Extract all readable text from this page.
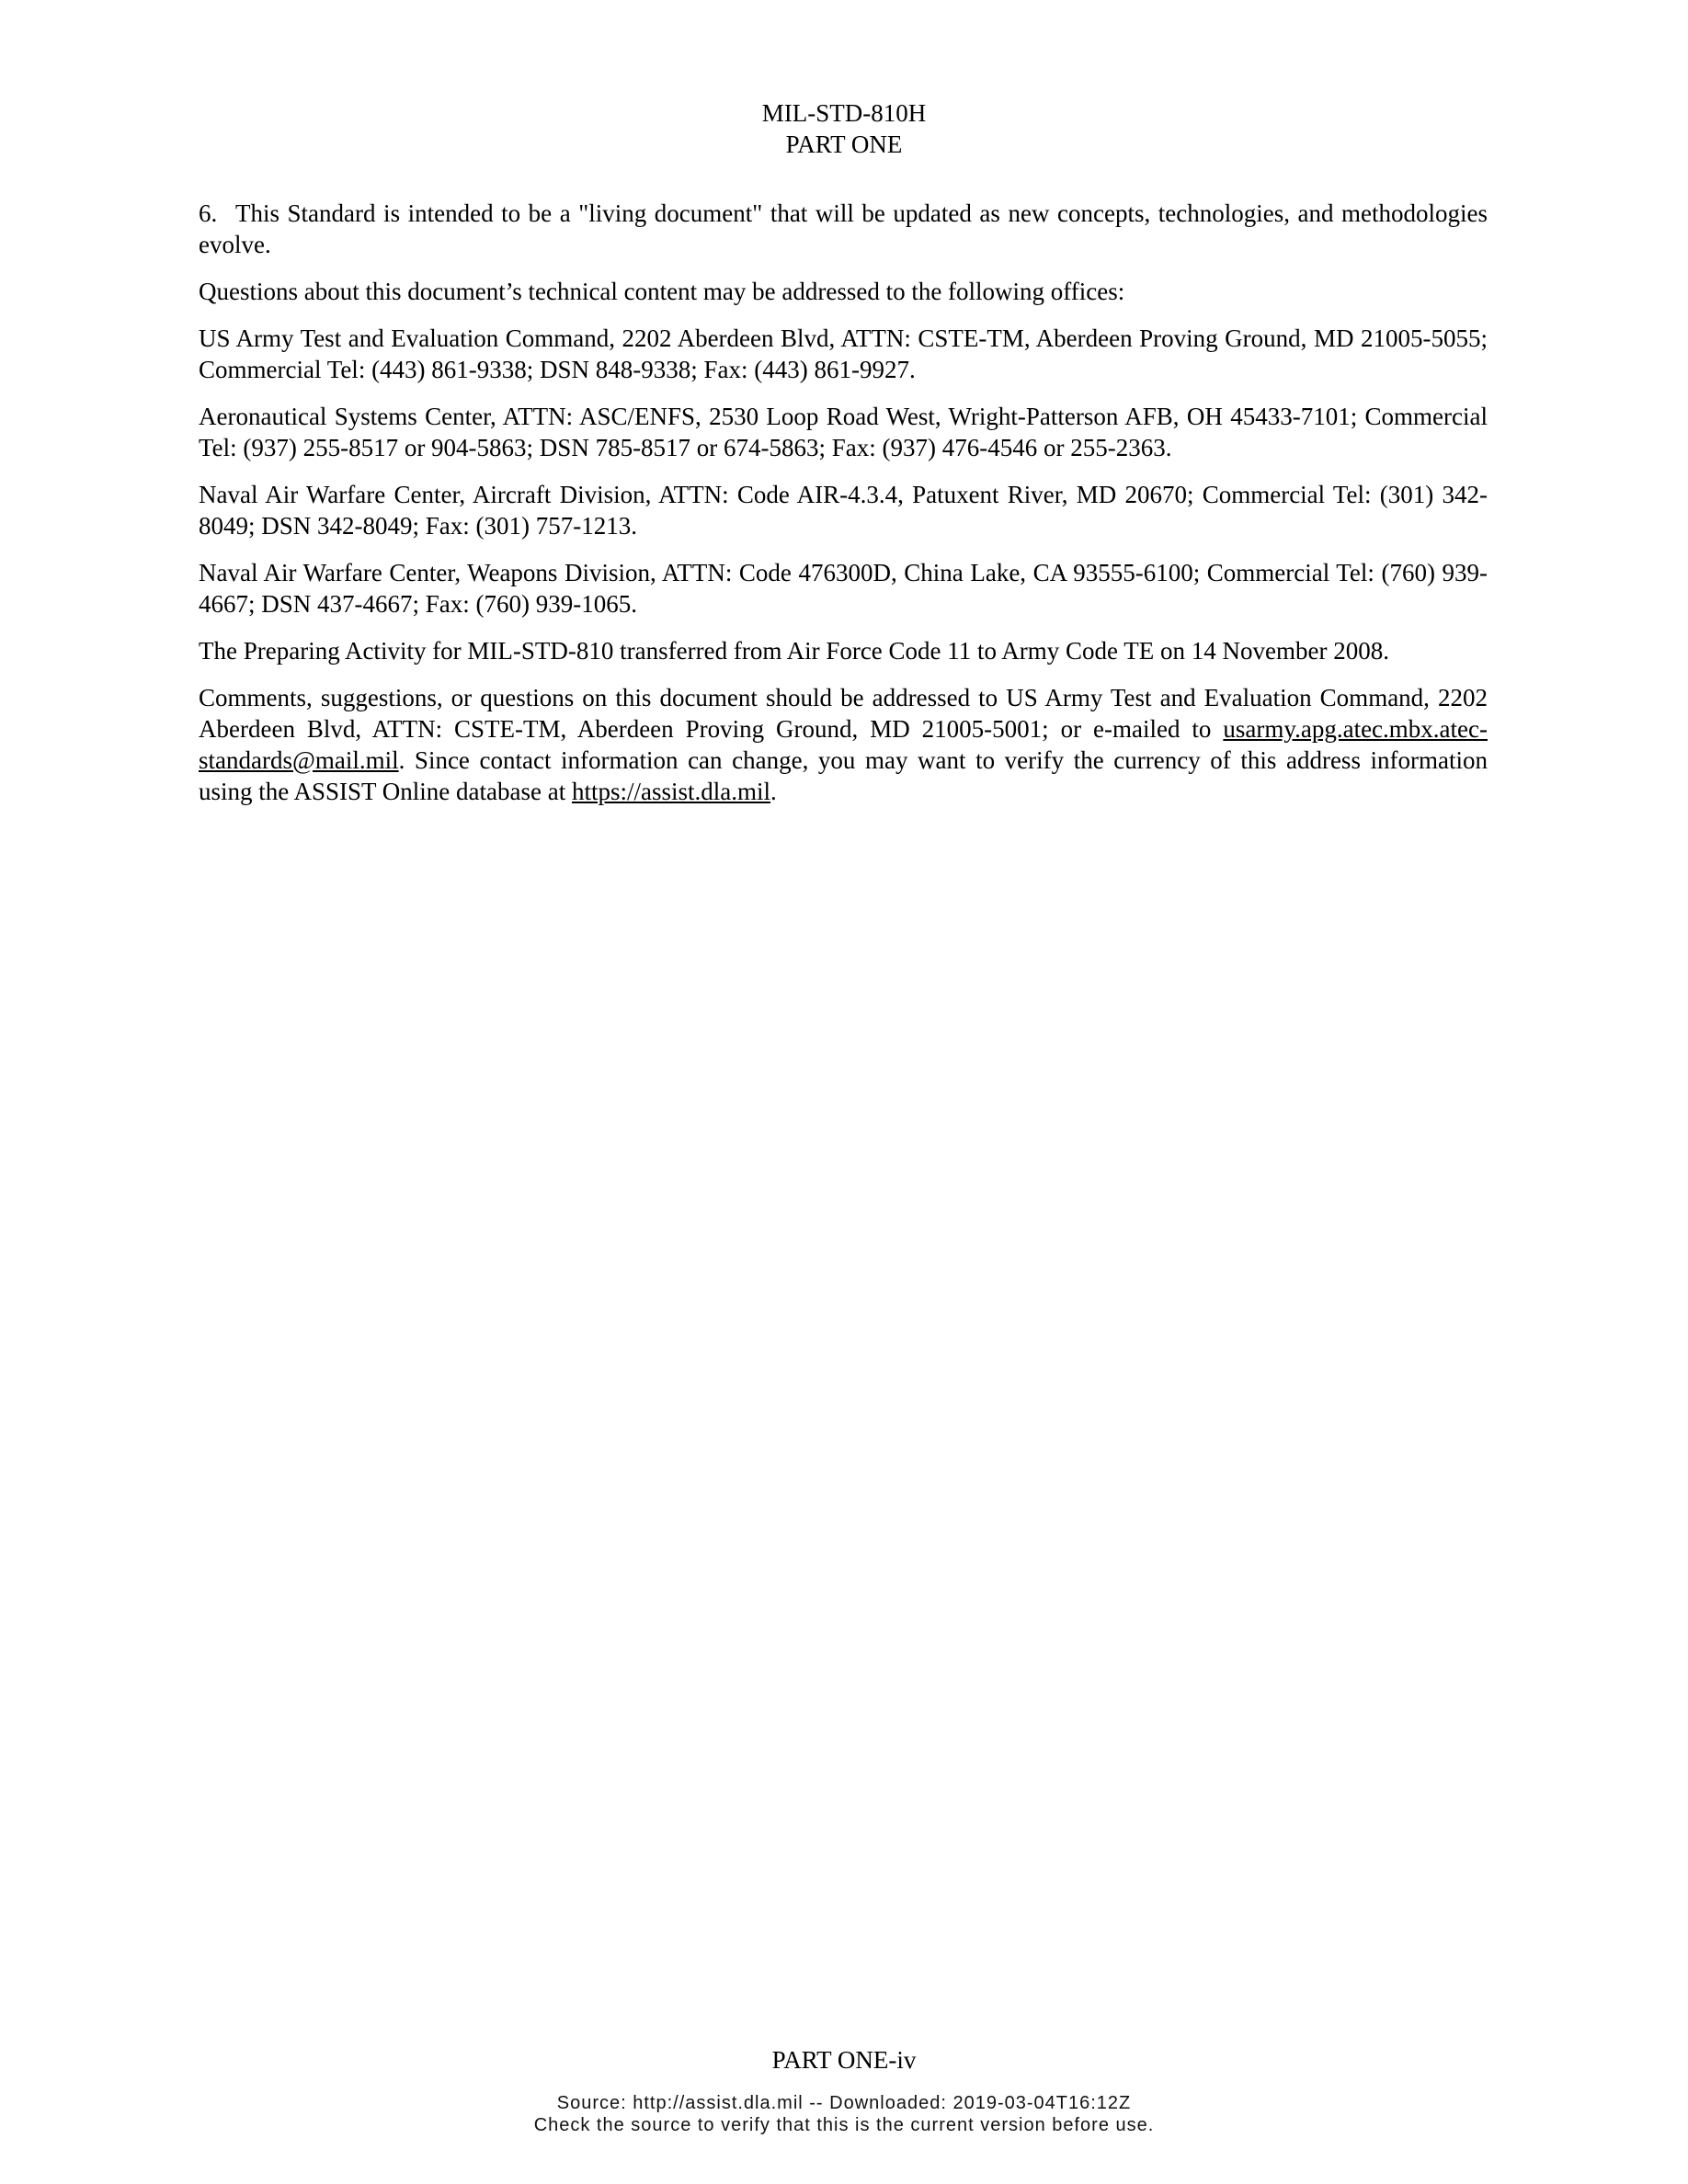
MIL-STD-810H
PART ONE

6. This Standard is intended to be a "living document" that will be updated as new concepts, technologies, and methodologies evolve.

Questions about this document’s technical content may be addressed to the following offices:

US Army Test and Evaluation Command, 2202 Aberdeen Blvd, ATTN: CSTE-TM, Aberdeen Proving Ground, MD 21005-5055; Commercial Tel: (443) 861-9338; DSN 848-9338; Fax: (443) 861-9927.

Aeronautical Systems Center, ATTN: ASC/ENFS, 2530 Loop Road West, Wright-Patterson AFB, OH 45433-7101; Commercial Tel: (937) 255-8517 or 904-5863; DSN 785-8517 or 674-5863; Fax: (937) 476-4546 or 255-2363.

Naval Air Warfare Center, Aircraft Division, ATTN: Code AIR-4.3.4, Patuxent River, MD 20670; Commercial Tel: (301) 342-8049; DSN 342-8049; Fax: (301) 757-1213.

Naval Air Warfare Center, Weapons Division, ATTN: Code 476300D, China Lake, CA 93555-6100; Commercial Tel: (760) 939-4667; DSN 437-4667; Fax: (760) 939-1065.

The Preparing Activity for MIL-STD-810 transferred from Air Force Code 11 to Army Code TE on 14 November 2008.

Comments, suggestions, or questions on this document should be addressed to US Army Test and Evaluation Command, 2202 Aberdeen Blvd, ATTN: CSTE-TM, Aberdeen Proving Ground, MD 21005-5001; or e-mailed to usarmy.apg.atec.mbx.atec-standards@mail.mil. Since contact information can change, you may want to verify the currency of this address information using the ASSIST Online database at https://assist.dla.mil.

PART ONE-iv
Source: http://assist.dla.mil -- Downloaded: 2019-03-04T16:12Z
Check the source to verify that this is the current version before use.
